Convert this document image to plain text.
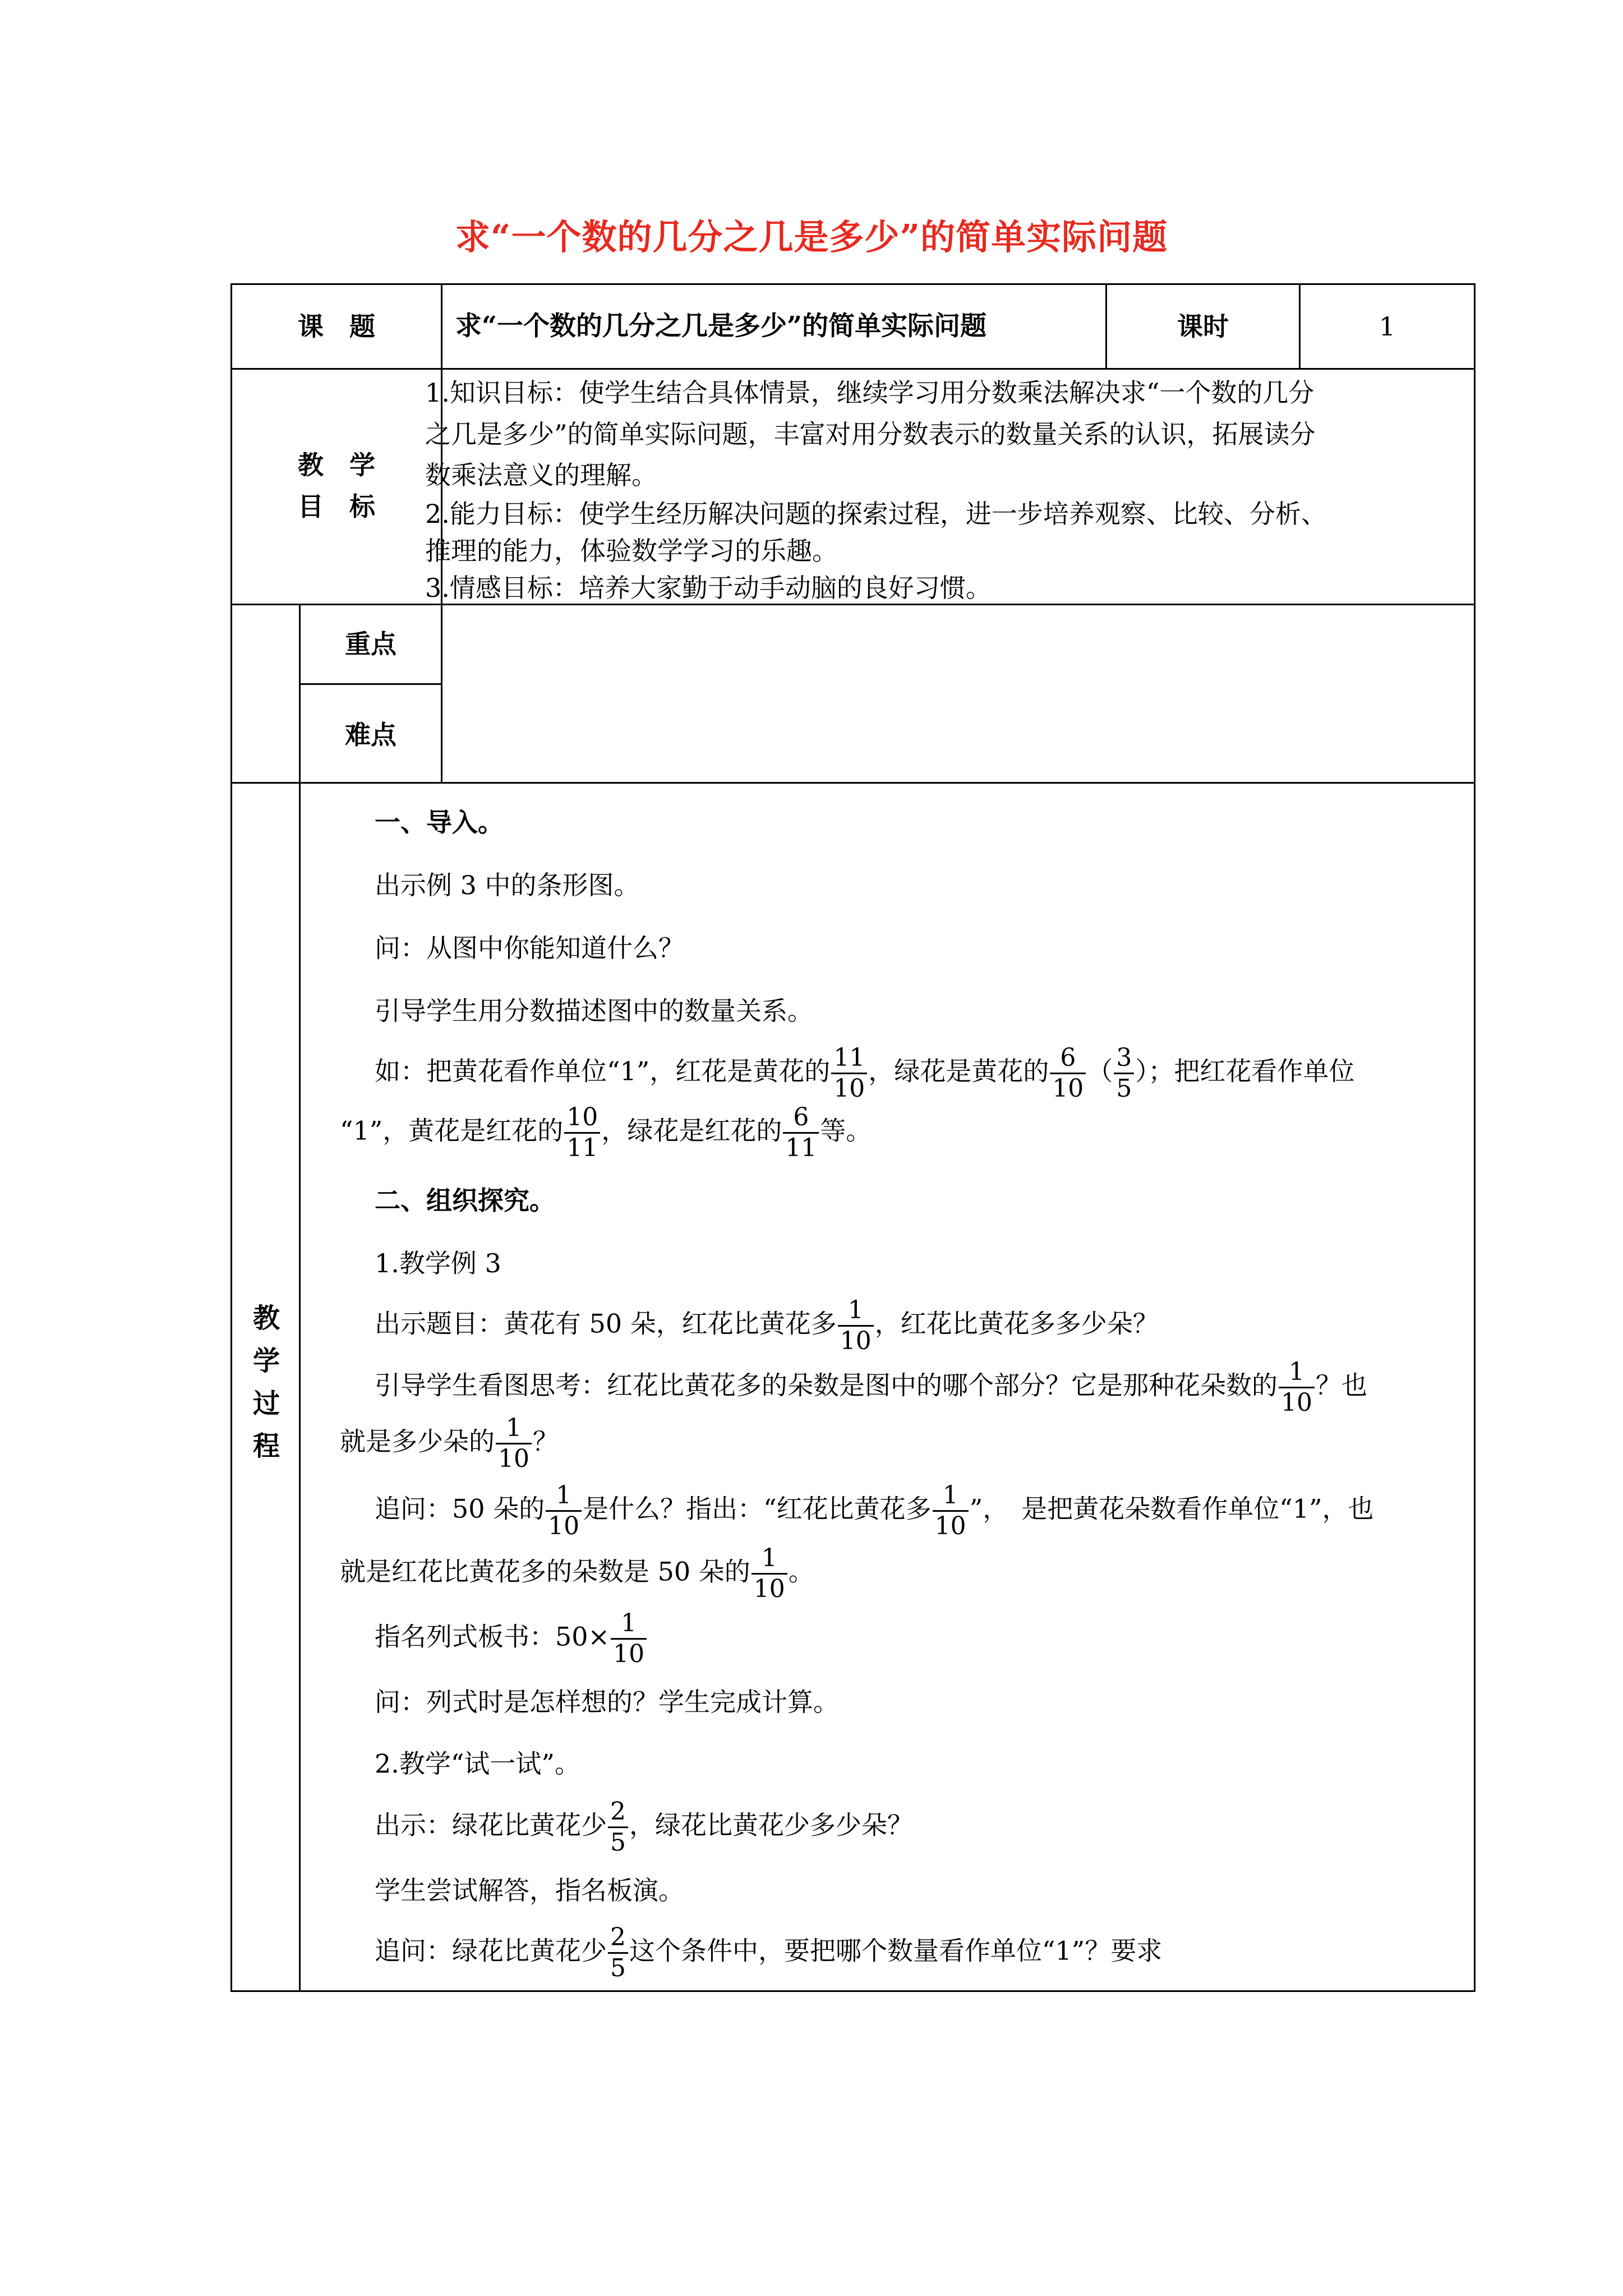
求“一个数的几分之几是多少”的简单实际问题
课　题	求“一个数的几分之几是多少”的简单实际问题	课时	1
教　学
目　标
1.知识目标：使学生结合具体情景，继续学习用分数乘法解决求“一个数的几分
之几是多少”的简单实际问题，丰富对用分数表示的数量关系的认识，拓展读分
数乘法意义的理解。
2.能力目标：使学生经历解决问题的探索过程，进一步培养观察、比较、分析、
推理的能力，体验数学学习的乐趣。
3.情感目标：培养大家勤于动手动脑的良好习惯。
重点
难点
教
学
过
程
一、导入。
出示例 3 中的条形图。
问：从图中你能知道什么？
引导学生用分数描述图中的数量关系。
如：把黄花看作单位“1”，红花是黄花的 $\frac{11}{10}$ ，绿花是黄花的 $\frac{6}{10}$ （ $\frac{3}{5}$ ）；把红花看作单位
“1”，黄花是红花的 $\frac{10}{11}$ ，绿花是红花的 $\frac{6}{11}$ 等。
二、组织探究。
1.教学例 3
出示题目：黄花有 50 朵，红花比黄花多 $\frac{1}{10}$ ，红花比黄花多多少朵？
引导学生看图思考：红花比黄花多的朵数是图中的哪个部分？它是那种花朵数的 $\frac{1}{10}$ ？也
就是多少朵的 $\frac{1}{10}$ ？
追问：50 朵的 $\frac{1}{10}$ 是什么？指出：“红花比黄花多 $\frac{1}{10}$ ”，　是把黄花朵数看作单位“1”，也
就是红花比黄花多的朵数是 50 朵的 $\frac{1}{10}$ 。
指名列式板书：$50\times \frac{1}{10}$
问：列式时是怎样想的？学生完成计算。
2.教学“试一试”。
出示：绿花比黄花少 $\frac{2}{5}$ ，绿花比黄花少多少朵？
学生尝试解答，指名板演。
追问：绿花比黄花少 $\frac{2}{5}$ 这个条件中，要把哪个数量看作单位“1”？要求
